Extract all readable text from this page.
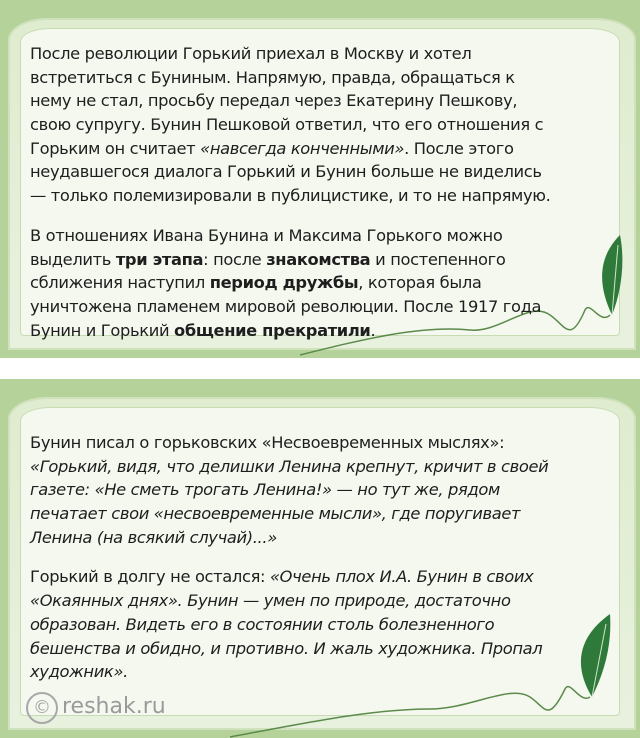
После революции Горький приехал в Москву и хотел
встретиться с Буниным. Напрямую, правда, обращаться к
нему не стал, просьбу передал через Екатерину Пешкову,
свою супругу. Бунин Пешковой ответил, что его отношения с
Горьким он считает «навсегда конченными». После этого
неудавшегося диалога Горький и Бунин больше не виделись
— только полемизировали в публицистике, и то не напрямую.
В отношениях Ивана Бунина и Максима Горького можно
выделить три этапа: после знакомства и постепенного
сближения наступил период дружбы, которая была
уничтожена пламенем мировой революции. После 1917 года
Бунин и Горький общение прекратили.
Бунин писал о горьковских «Несвоевременных мыслях»:
«Горький, видя, что делишки Ленина крепнут, кричит в своей
газете: «Не сметь трогать Ленина!» — но тут же, рядом
печатает свои «несвоевременные мысли», где поругивает
Ленина (на всякий случай)...»
Горький в долгу не остался: «Очень плох И.А. Бунин в своих
«Окаянных днях». Бунин — умен по природе, достаточно
образован. Видеть его в состоянии столь болезненного
бешенства и обидно, и противно. И жаль художника. Пропал
художник».
© reshak.ru
